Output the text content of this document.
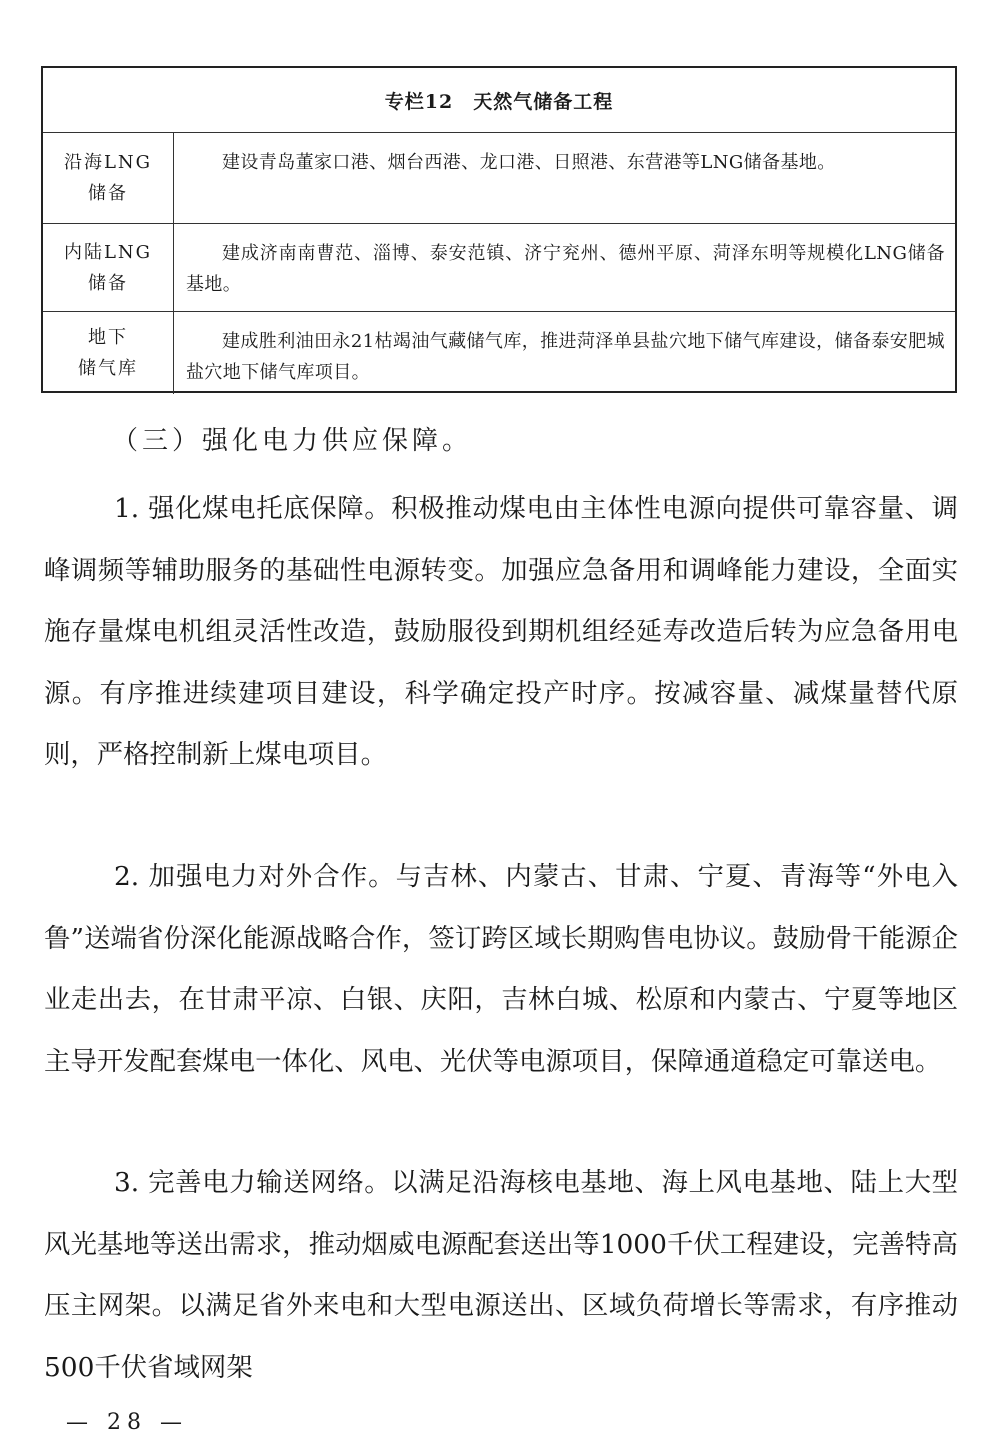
专栏12　天然气储备工程
沿海LNG
储备
建设青岛董家口港、烟台西港、龙口港、日照港、东营港等LNG储备基地。
内陆LNG
储备
建成济南南曹范、淄博、泰安范镇、济宁兖州、德州平原、菏泽东明等规模化LNG储备基地。
地下
储气库
建成胜利油田永21枯竭油气藏储气库，推进菏泽单县盐穴地下储气库建设，储备泰安肥城盐穴地下储气库项目。
（三）强化电力供应保障。

1. 强化煤电托底保障。积极推动煤电由主体性电源向提供可靠容量、调峰调频等辅助服务的基础性电源转变。加强应急备用和调峰能力建设，全面实施存量煤电机组灵活性改造，鼓励服役到期机组经延寿改造后转为应急备用电源。有序推进续建项目建设，科学确定投产时序。按减容量、减煤量替代原则，严格控制新上煤电项目。

2. 加强电力对外合作。与吉林、内蒙古、甘肃、宁夏、青海等“外电入鲁”送端省份深化能源战略合作，签订跨区域长期购售电协议。鼓励骨干能源企业走出去，在甘肃平凉、白银、庆阳，吉林白城、松原和内蒙古、宁夏等地区主导开发配套煤电一体化、风电、光伏等电源项目，保障通道稳定可靠送电。

3. 完善电力输送网络。以满足沿海核电基地、海上风电基地、陆上大型风光基地等送出需求，推动烟威电源配套送出等1000千伏工程建设，完善特高压主网架。以满足省外来电和大型电源送出、区域负荷增长等需求，有序推动500千伏省域网架

— 28 —
